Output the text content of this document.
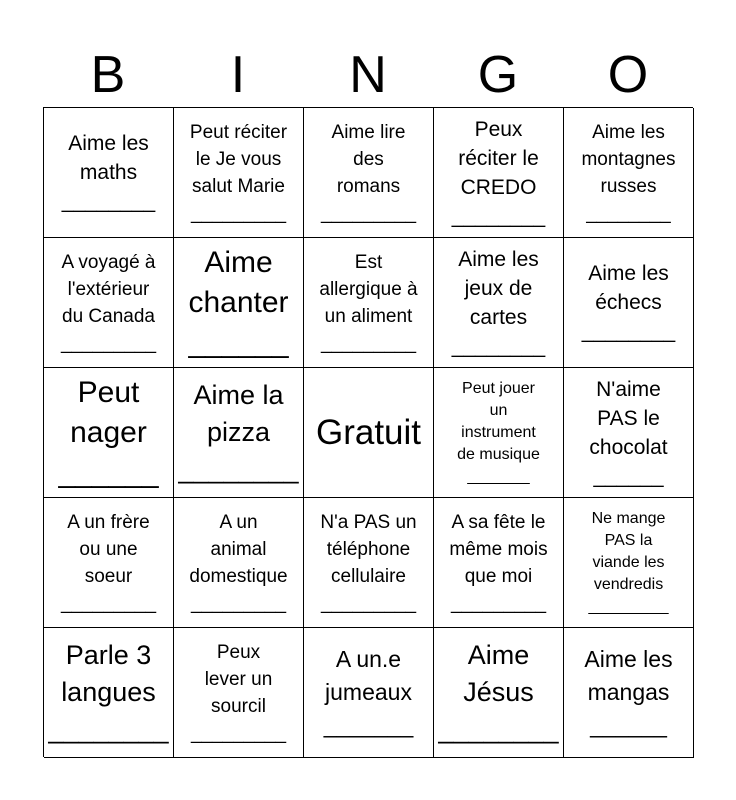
B	I	N	G	O
Aime les
maths
________
Peut réciter
le Je vous
salut Marie
_________
Aime lire
des
romans
_________
Peux
réciter le
CREDO
________
Aime les
montagnes
russes
________
A voyagé à
l'extérieur
du Canada
_________
Aime
chanter
______
Est
allergique à
un aliment
_________
Aime les
jeux de
cartes
________
Aime les
échecs
________
Peut
nager
______
Aime la
pizza
________
Gratuit
Peut jouer
un
instrument
de musique
_______
N'aime
PAS le
chocolat
______
A un frère
ou une
soeur
_________
A un
animal
domestique
_________
N'a PAS un
téléphone
cellulaire
_________
A sa fête le
même mois
que moi
_________
Ne mange
PAS la
viande les
vendredis
_________
Parle 3
langues
________
Peux
lever un
sourcil
_________
A un.e
jumeaux
_______
Aime
Jésus
________
Aime les
mangas
______
